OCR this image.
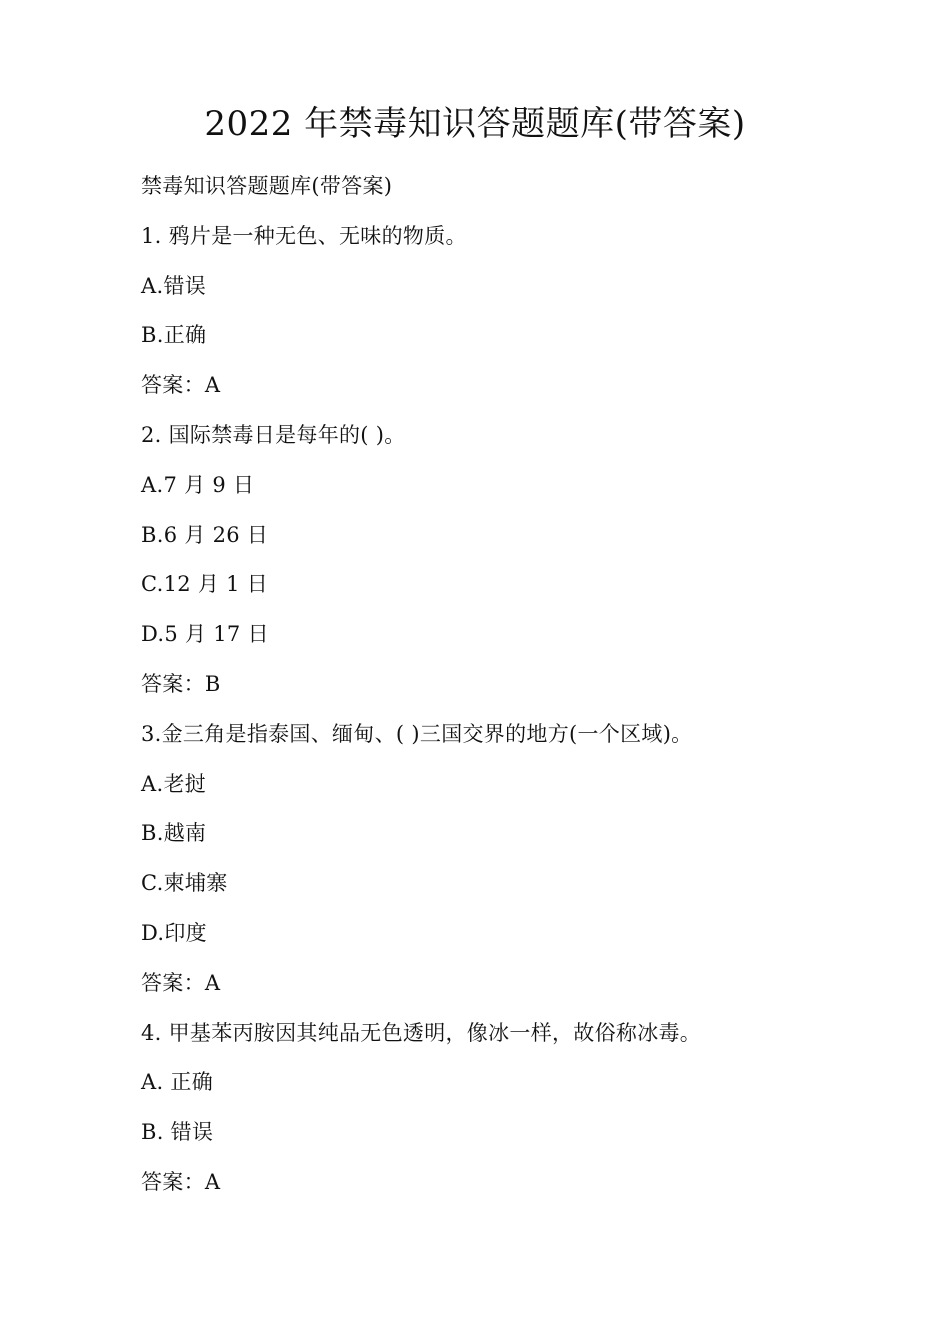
2022 年禁毒知识答题题库(带答案)
禁毒知识答题题库(带答案)
1. 鸦片是一种无色、无味的物质。
A.错误
B.正确
答案：A
2. 国际禁毒日是每年的( )。
A.7 月 9 日
B.6 月 26 日
C.12 月 1 日
D.5 月 17 日
答案：B
3.金三角是指泰国、缅甸、( )三国交界的地方(一个区域)。
A.老挝
B.越南
C.柬埔寨
D.印度
答案：A
4. 甲基苯丙胺因其纯品无色透明，像冰一样，故俗称冰毒。
A. 正确
B. 错误
答案：A
